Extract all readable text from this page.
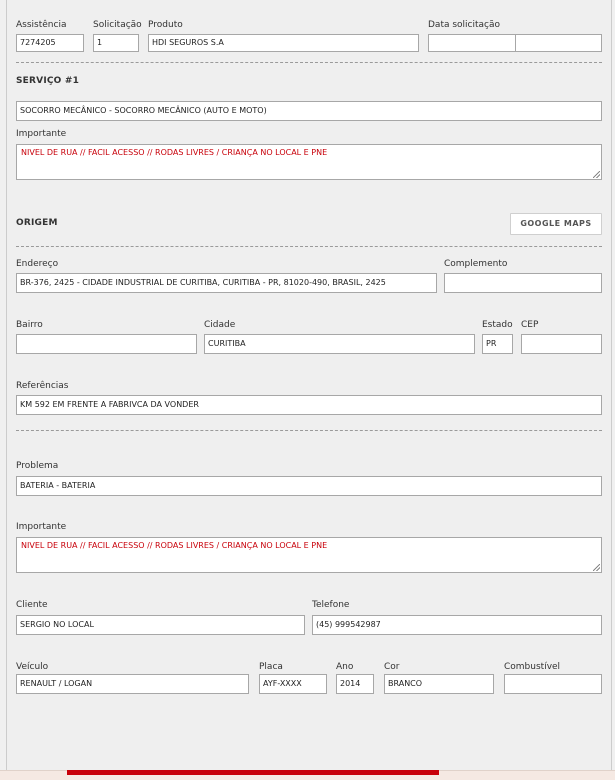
Assistência
7274205
Solicitação
1
Produto
HDI SEGUROS S.A
Data solicitação
SERVIÇO #1
SOCORRO MECÂNICO - SOCORRO MECÂNICO (AUTO E MOTO)
Importante
NIVEL DE RUA // FACIL ACESSO // RODAS LIVRES / CRIANÇA NO LOCAL E PNE
ORIGEM	GOOGLE MAPS
Endereço
BR-376, 2425 - CIDADE INDUSTRIAL DE CURITIBA, CURITIBA - PR, 81020-490, BRASIL, 2425
Complemento
Bairro	Cidade
CURITIBA
Estado
PR
CEP
Referências
KM 592 EM FRENTE A FABRIVCA DA VONDER
Problema
BATERIA - BATERIA
Importante
NIVEL DE RUA // FACIL ACESSO // RODAS LIVRES / CRIANÇA NO LOCAL E PNE
Cliente
SERGIO NO LOCAL
Telefone
(45) 999542987
Veículo
RENAULT / LOGAN
Placa
AYF-XXXX
Ano
2014
Cor
BRANCO
Combustível
